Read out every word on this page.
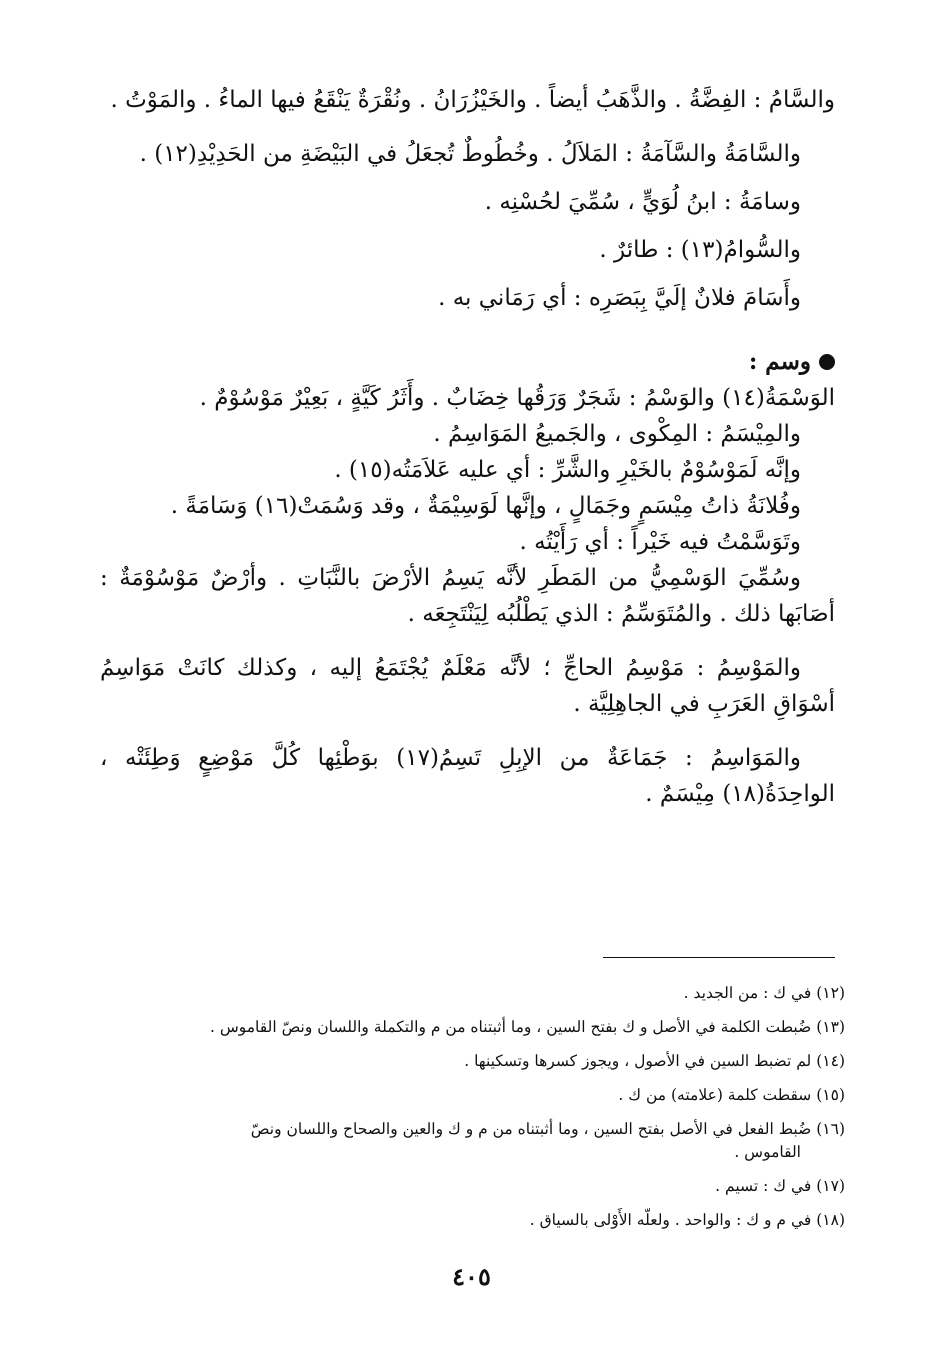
والسَّامُ : الفِضَّةُ . والذَّهَبُ أيضاً . والخَيْزُرَانُ . ونُقْرَةٌ يَنْقَعُ فيها الماءُ . والمَوْتُ .

والسَّامَةُ والسَّآمَةُ : المَلاَلُ . وخُطُوطٌ تُجعَلُ في البَيْضَةِ من الحَدِيْدِ(١٢) .

وسامَةُ : ابنُ لُوَيٍّ ، سُمِّيَ لحُسْنِه .

والسُّوامُ(١٣) : طائرٌ .

وأَسَامَ فلانٌ إلَيَّ بِبَصَرِه : أي رَمَاني به .

وسم :

الوَسْمَةُ(١٤) والوَسْمُ : شَجَرٌ وَرَقُها خِضَابٌ . وأَثَرُ كَيَّةٍ ، بَعِيْرٌ مَوْسُوْمٌ .

والمِيْسَمُ : المِكْوى ، والجَميعُ المَوَاسِمُ .

وإنَّه لَمَوْسُوْمٌ بالخَيْرِ والشَّرِّ : أي عليه عَلاَمَتُه(١٥) .

وفُلانَةُ ذاتُ مِيْسَمٍ وجَمَالٍ ، وإنَّها لَوَسِيْمَةٌ ، وقد وَسُمَتْ(١٦) وَسَامَةً .

وتَوَسَّمْتُ فيه خَيْراً : أي رَأَيْتُه .

وسُمِّيَ الوَسْمِيُّ من المَطَرِ لأنَّه يَسِمُ الأرْضَ بالنَّبَاتِ . وأرْضٌ مَوْسُوْمَةٌ : أصَابَها ذلك . والمُتَوَسِّمُ : الذي يَطْلُبُه لِيَنْتَجِعَه .

والمَوْسِمُ : مَوْسِمُ الحاجِّ ؛ لأنَّه مَعْلَمٌ يُجْتَمَعُ إليه ، وكذلك كانَتْ مَوَاسِمُ أسْوَاقِ العَرَبِ في الجاهِلِيَّة .

والمَوَاسِمُ : جَمَاعَةٌ من الإبِلِ تَسِمُ(١٧) بوَطْئِها كُلَّ مَوْضِعٍ وَطِئَتْه ، الواحِدَةُ(١٨) مِيْسَمٌ .

(١٢) في ك : من الجديد .

(١٣) ضُبطت الكلمة في الأصل و ك بفتح السين ، وما أثبتناه من م والتكملة واللسان ونصّ القاموس .

(١٤) لم تضبط السين في الأصول ، ويجوز كسرها وتسكينها .

(١٥) سقطت كلمة (علامته) من ك .

(١٦) ضُبط الفعل في الأصل بفتح السين ، وما أثبتناه من م و ك والعين والصحاح واللسان ونصّ
القاموس .

(١٧) في ك : تسيم .

(١٨) في م و ك : والواحد . ولعلّه الأَوْلى بالسياق .

٤٠٥
